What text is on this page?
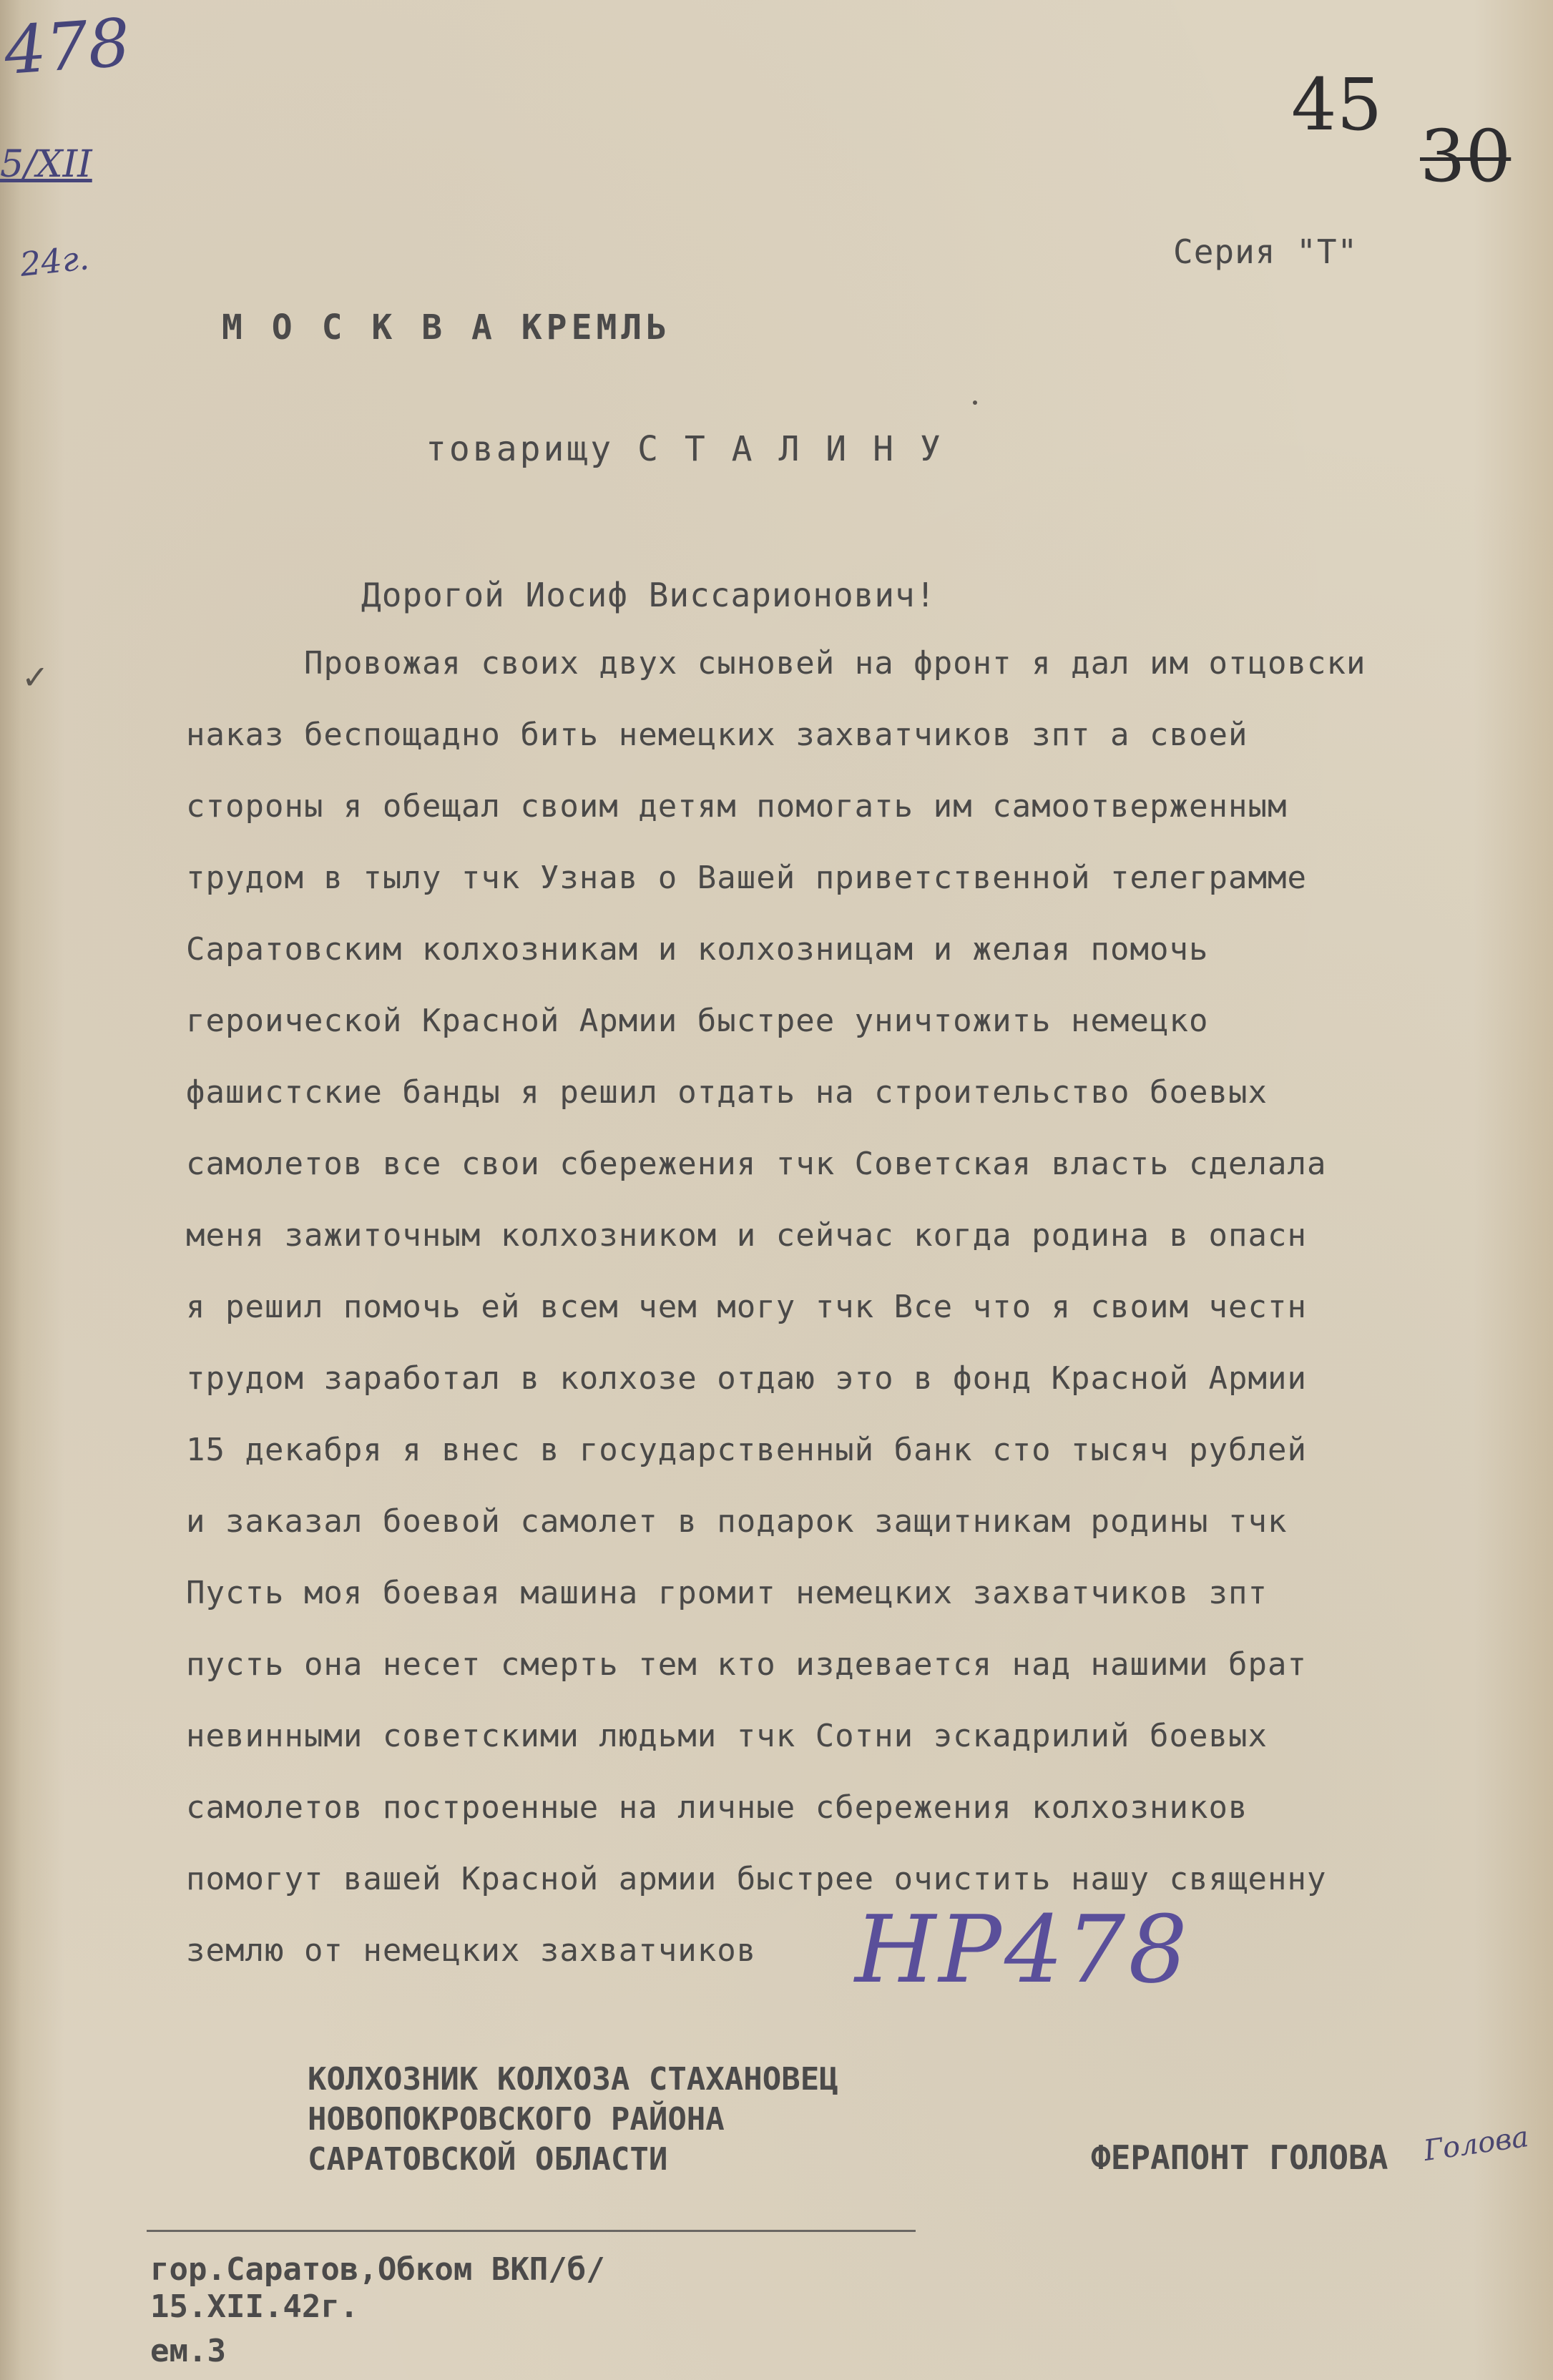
478
5/XII
24г.
✓
45
30
Серия "Т"
М О С К В А КРЕМЛЬ
товарищу С Т А Л И Н У
Дорогой Иосиф Виссарионович!
Провожая своих двух сыновей на фронт я дал им отцовски
наказ беспощадно бить немецких захватчиков зпт а своей
стороны я обещал своим детям помогать им самоотверженным
трудом в тылу тчк Узнав о Вашей приветственной телеграмме
Саратовским колхозникам и колхозницам и желая помочь
героической Красной Армии быстрее уничтожить немецко
фашистские банды я решил отдать на строительство боевых
самолетов все свои сбережения тчк Советская власть сделала
меня зажиточным колхозником и сейчас когда родина в опасн
я решил помочь ей всем чем могу тчк Все что я своим честн
трудом заработал в колхозе отдаю это в фонд Красной Армии
15 декабря я внес в государственный банк сто тысяч рублей
и заказал боевой самолет в подарок защитникам родины тчк
Пусть моя боевая машина громит немецких захватчиков зпт
пусть она несет смерть тем кто издевается над нашими брат
невинными советскими людьми тчк Сотни эскадрилий боевых
самолетов построенные на личные сбережения колхозников
помогут вашей Красной армии быстрее очистить нашу священну
землю от немецких захватчиков НР478
КОЛХОЗНИК КОЛХОЗА СТАХАНОВЕЦ
НОВОПОКРОВСКОГО РАЙОНА
САРАТОВСКОЙ ОБЛАСТИ	ФЕРАПОНТ ГОЛОВА Голова
гор.Саратов,Обком ВКП/б/
15.XII.42г.
ем.3
